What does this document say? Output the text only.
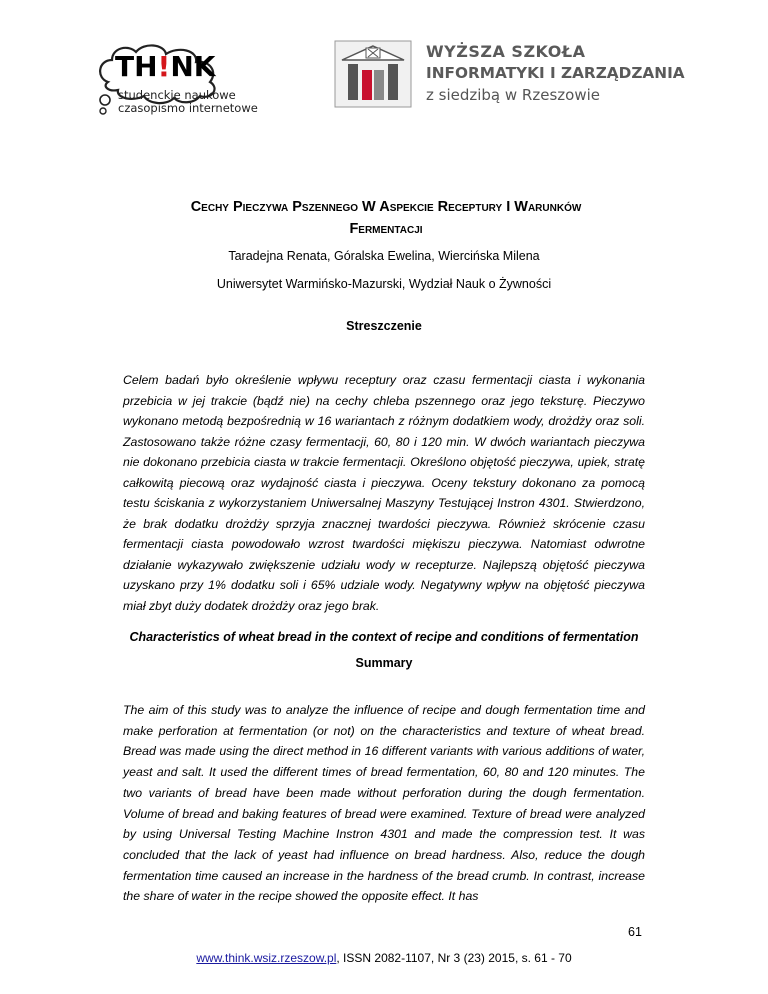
TH!NK
studenckie naukowe
czasopismo internetowe
WYŻSZA SZKOŁA
INFORMATYKI I ZARZĄDZANIA
z siedzibą w Rzeszowie
Cechy Pieczywa Pszennego W Aspekcie Receptury I Warunków
Fermentacji
Taradejna Renata, Góralska Ewelina, Wiercińska Milena
Uniwersytet Warmińsko-Mazurski, Wydział Nauk o Żywności
Streszczenie
Celem badań było określenie wpływu receptury oraz czasu fermentacji ciasta i wykonania przebicia w jej trakcie (bądź nie) na cechy chleba pszennego oraz jego teksturę. Pieczywo wykonano metodą bezpośrednią w 16 wariantach z różnym dodatkiem wody, drożdży oraz soli. Zastosowano także różne czasy fermentacji, 60, 80 i 120 min. W dwóch wariantach pieczywa nie dokonano przebicia ciasta w trakcie fermentacji. Określono objętość pieczywa, upiek, stratę całkowitą piecową oraz wydajność ciasta i pieczywa. Oceny tekstury dokonano za pomocą testu ściskania z wykorzystaniem Uniwersalnej Maszyny Testującej Instron 4301. Stwierdzono, że brak dodatku drożdży sprzyja znacznej twardości pieczywa. Również skrócenie czasu fermentacji ciasta powodowało wzrost twardości miękiszu pieczywa. Natomiast odwrotne działanie wykazywało zwiększenie udziału wody w recepturze. Najlepszą objętość pieczywa uzyskano przy 1% dodatku soli i 65% udziale wody. Negatywny wpływ na objętość pieczywa miał zbyt duży dodatek drożdży oraz jego brak.
Characteristics of wheat bread in the context of recipe and conditions of fermentation
Summary
The aim of this study was to analyze the influence of recipe and dough fermentation time and make perforation at fermentation (or not) on the characteristics and texture of wheat bread. Bread was made using the direct method in 16 different variants with various additions of water, yeast and salt. It used the different times of bread fermentation, 60, 80 and 120 minutes. The two variants of bread have been made without perforation during the dough fermentation. Volume of bread and baking features of bread were examined. Texture of bread were analyzed by using Universal Testing Machine Instron 4301 and made the compression test. It was concluded that the lack of yeast had influence on bread hardness. Also, reduce the dough fermentation time caused an increase in the hardness of the bread crumb. In contrast, increase the share of water in the recipe showed the opposite effect. It has
61
www.think.wsiz.rzeszow.pl, ISSN 2082-1107, Nr 3 (23) 2015, s. 61 - 70
